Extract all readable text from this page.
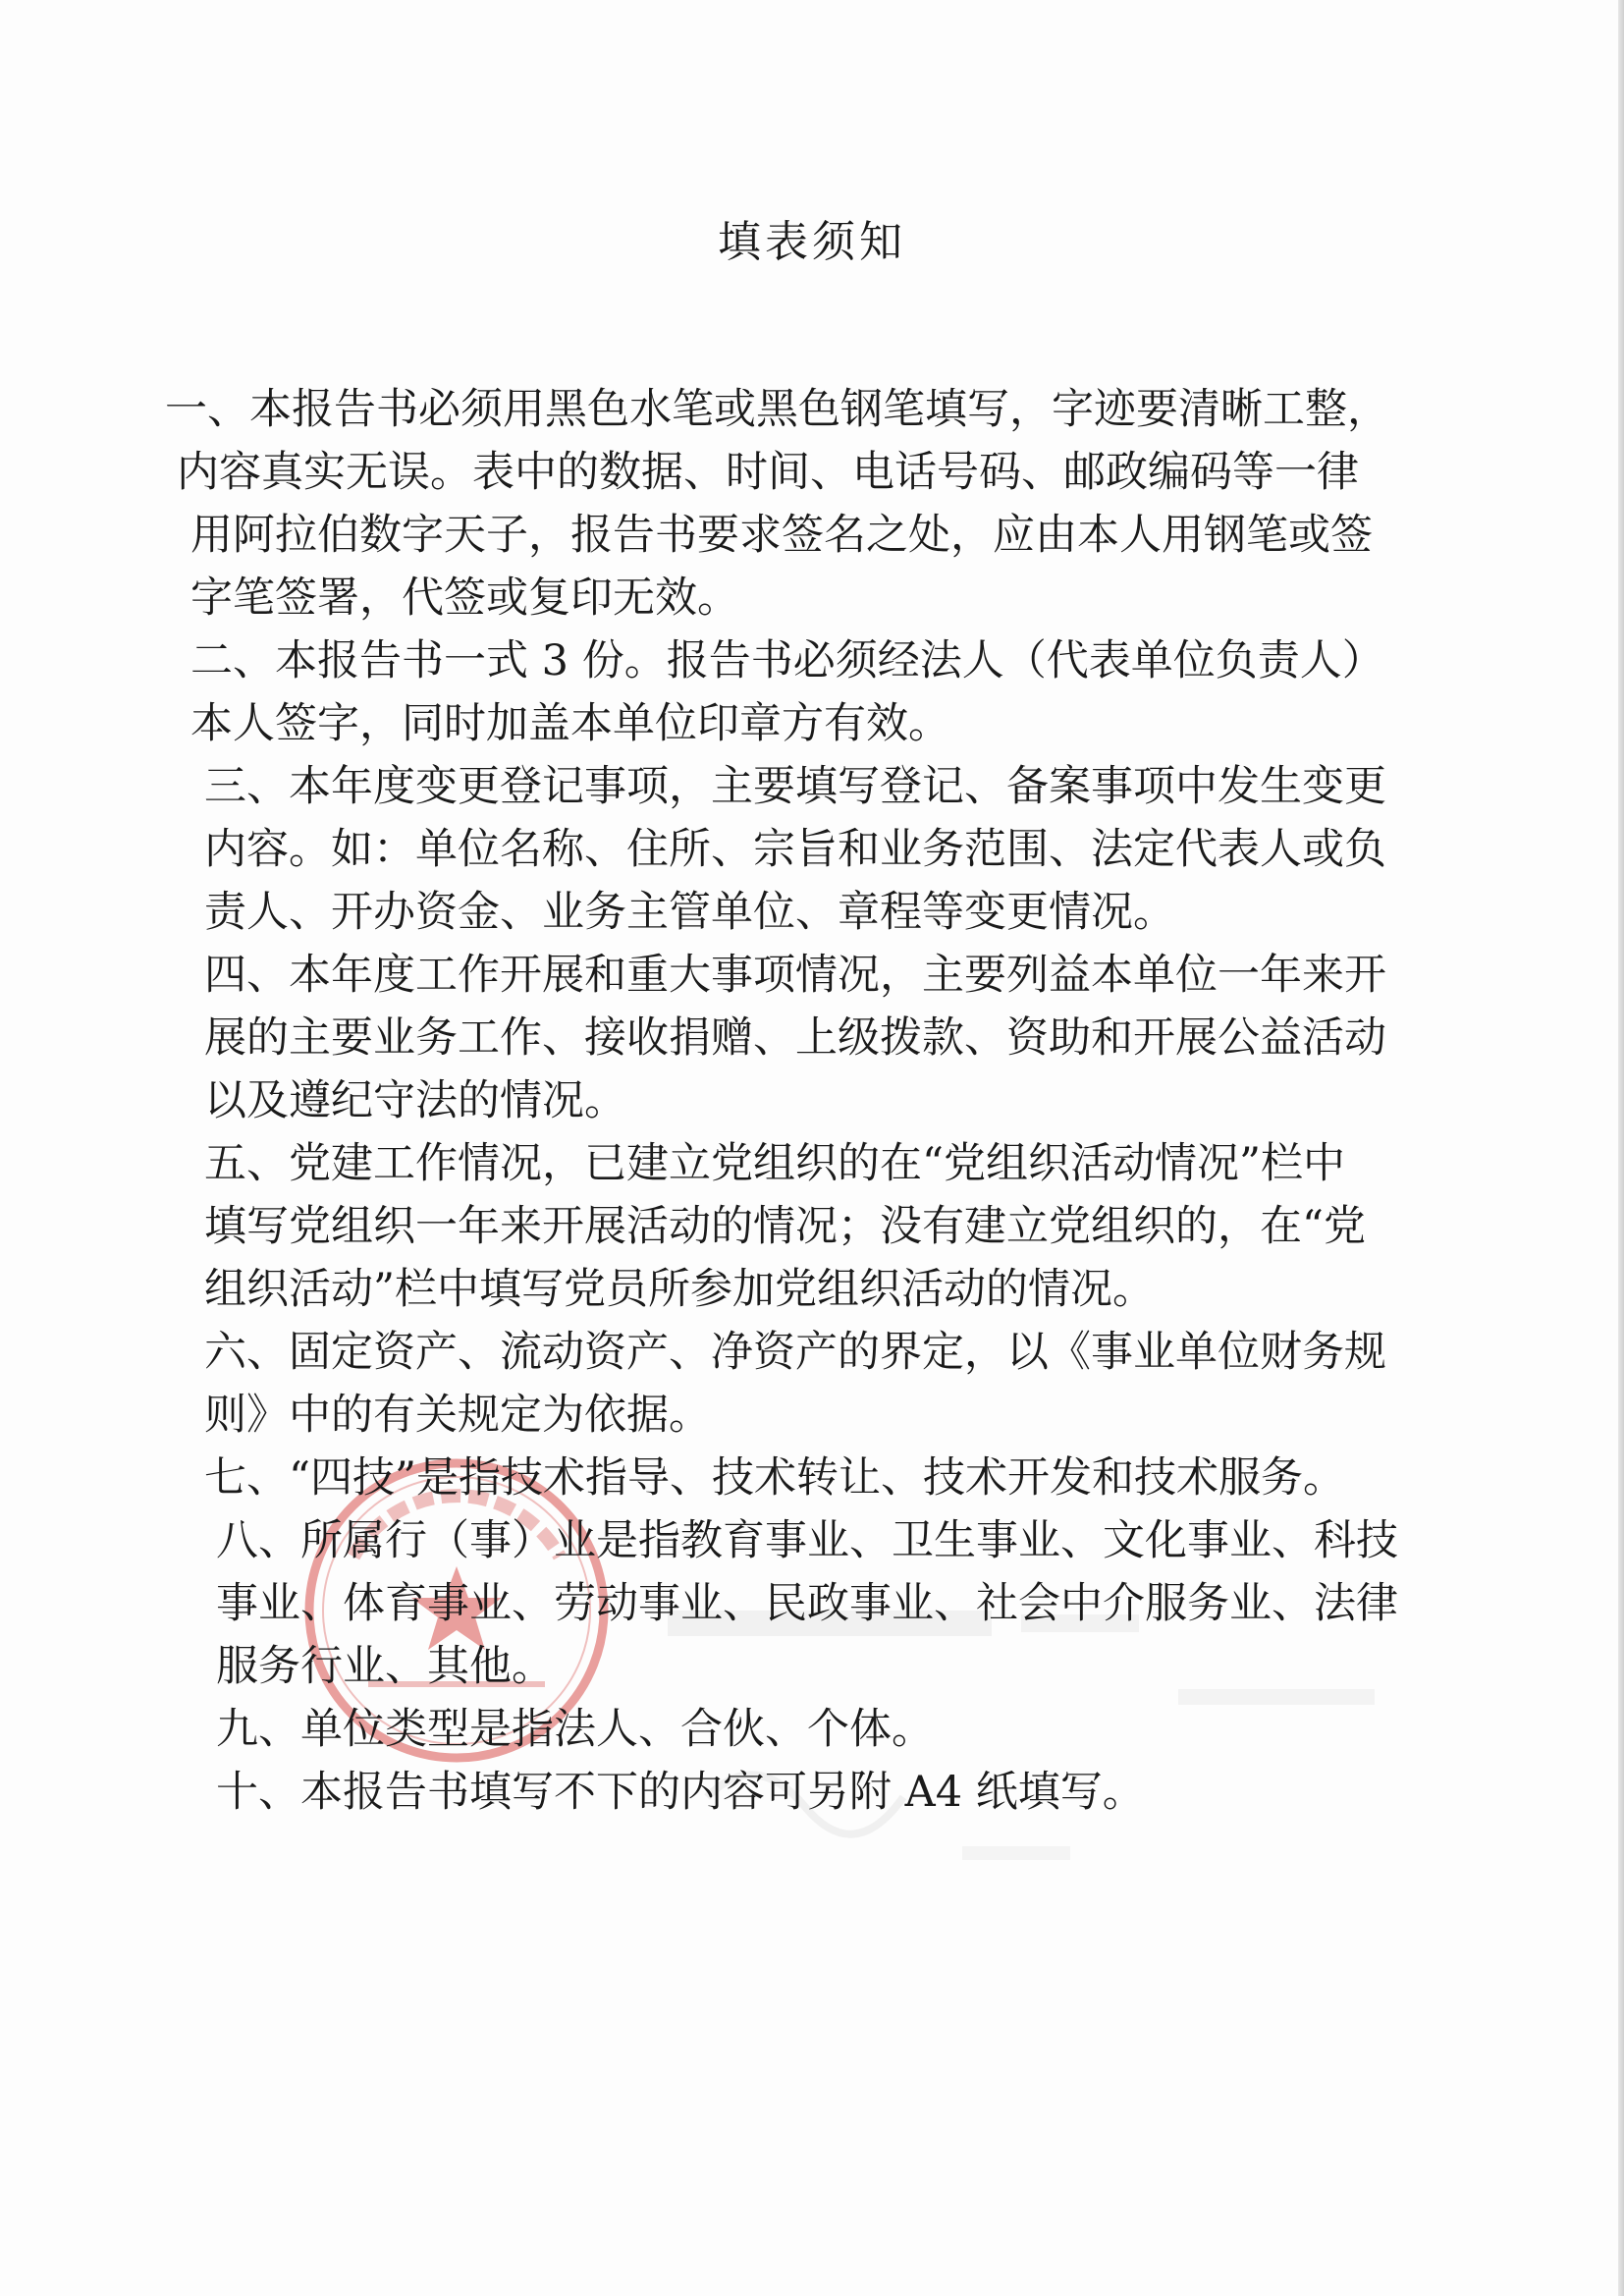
填表须知
一、本报告书必须用黑色水笔或黑色钢笔填写，字迹要清晰工整，
内容真实无误。表中的数据、时间、电话号码、邮政编码等一律
用阿拉伯数字天子，报告书要求签名之处，应由本人用钢笔或签
字笔签署，代签或复印无效。
二、本报告书一式 3 份。报告书必须经法人（代表单位负责人）
本人签字，同时加盖本单位印章方有效。
三、本年度变更登记事项，主要填写登记、备案事项中发生变更
内容。如：单位名称、住所、宗旨和业务范围、法定代表人或负
责人、开办资金、业务主管单位、章程等变更情况。
四、本年度工作开展和重大事项情况，主要列益本单位一年来开
展的主要业务工作、接收捐赠、上级拨款、资助和开展公益活动
以及遵纪守法的情况。
五、党建工作情况，已建立党组织的在“党组织活动情况”栏中
填写党组织一年来开展活动的情况；没有建立党组织的，在“党
组织活动”栏中填写党员所参加党组织活动的情况。
六、固定资产、流动资产、净资产的界定，以《事业单位财务规
则》中的有关规定为依据。
七、“四技”是指技术指导、技术转让、技术开发和技术服务。
八、所属行（事）业是指教育事业、卫生事业、文化事业、科技
事业、体育事业、劳动事业、民政事业、社会中介服务业、法律
服务行业、其他。
九、单位类型是指法人、合伙、个体。
十、本报告书填写不下的内容可另附 A4 纸填写。
